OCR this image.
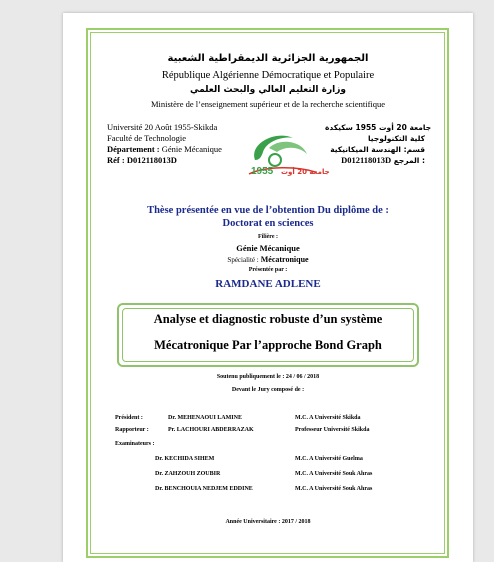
الجمهورية الجزائرية الديمقراطية الشعبية
République Algérienne Démocratique et Populaire
وزارة التعليم العالي والبحث العلمي
Ministère de l’enseignement supérieur et de la recherche scientifique
Université 20 Août 1955-Skikda
Faculté de Technologie
Département : Génie Mécanique
Réf : D012118013D
1955 جامعة 20 أوت
جامعة 20 أوت 1955 سكيكدة
كلية التكنولوجيا
قسم: الهندسة الميكانيكية
D012118013D المرجع :
Thèse présentée en vue de l’obtention Du diplôme de :
Doctorat en sciences
Filière :
Génie Mécanique
Spécialité : Mécatronique
Présentée par :
RAMDANE ADLENE
Analyse et diagnostic robuste d’un système
Mécatronique Par l’approche Bond Graph
Soutenu publiquement le : 24 / 06 / 2018
Devant le Jury composé de :
Président :	Dr. MEHENAOUI LAMINE	M.C. A Université Skikda
Rapporteur :	Pr. LACHOURI ABDERRAZAK	Professeur Université Skikda
Examinateurs :
Dr. KECHIDA SIHEM	M.C. A Université Guelma
Dr. ZAHZOUH ZOUBIR	M.C. A Université Souk Ahras
Dr. BENCHOUIA NEDJEM EDDINE	M.C. A Université Souk Ahras
Année Universitaire : 2017 / 2018
